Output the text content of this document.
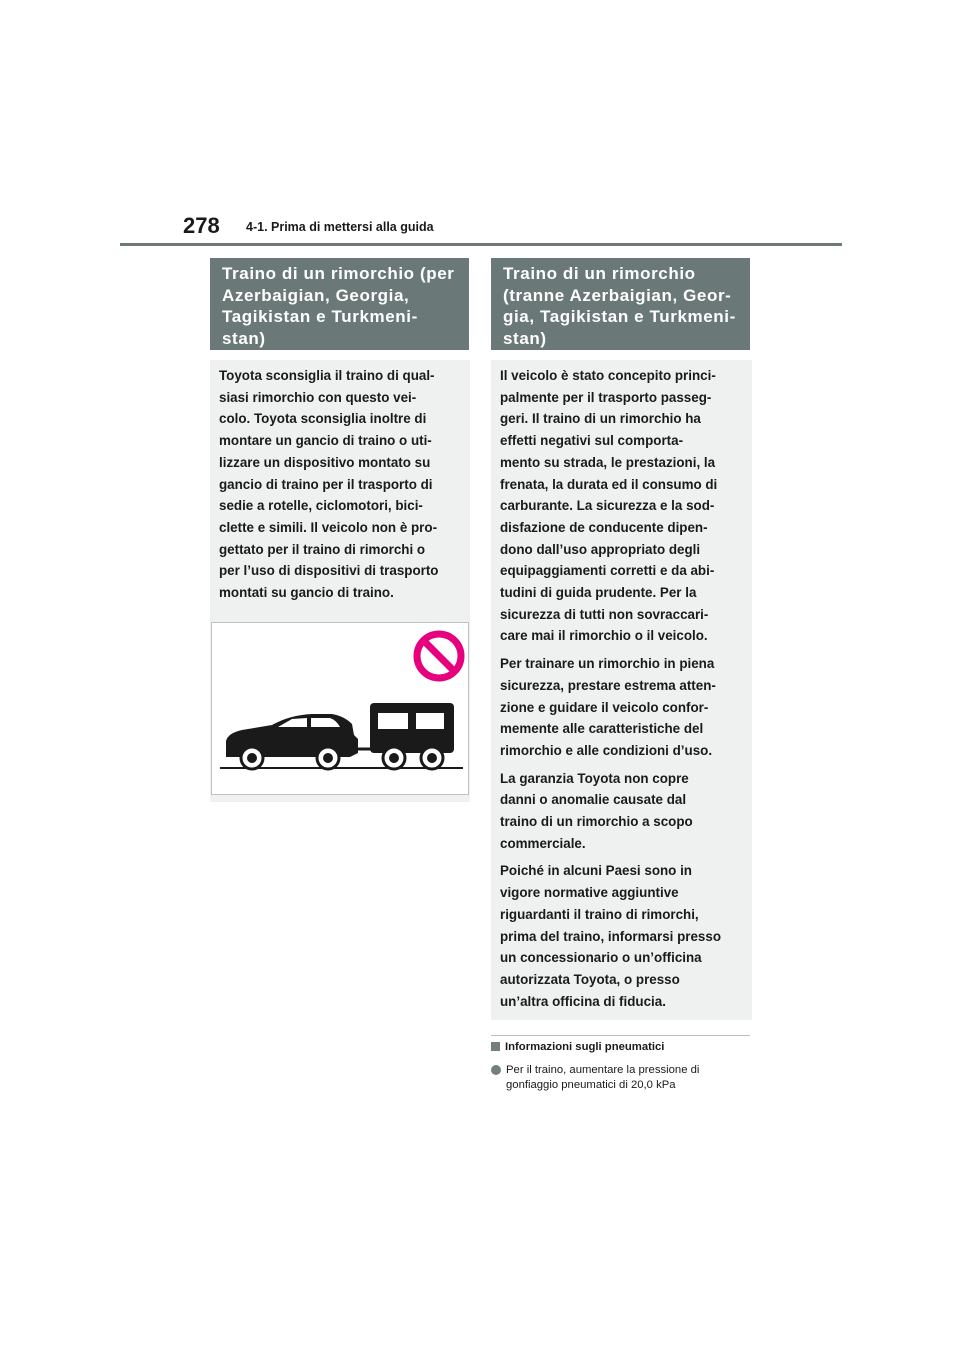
278 4-1. Prima di mettersi alla guida
Traino di un rimorchio (per Azerbaigian, Georgia, Tagikistan e Turkmeni-stan)

Toyota sconsiglia il traino di qual-
siasi rimorchio con questo vei-
colo. Toyota sconsiglia inoltre di
montare un gancio di traino o uti-
lizzare un dispositivo montato su
gancio di traino per il trasporto di
sedie a rotelle, ciclomotori, bici-
clette e simili. Il veicolo non è pro-
gettato per il traino di rimorchi o
per l’uso di dispositivi di trasporto
montati su gancio di traino.

Traino di un rimorchio (tranne Azerbaigian, Geor-gia, Tagikistan e Turkmeni-stan)

Il veicolo è stato concepito princi-
palmente per il trasporto passeg-
geri. Il traino di un rimorchio ha
effetti negativi sul comporta-
mento su strada, le prestazioni, la
frenata, la durata ed il consumo di
carburante. La sicurezza e la sod-
disfazione de conducente dipen-
dono dall’uso appropriato degli
equipaggiamenti corretti e da abi-
tudini di guida prudente. Per la
sicurezza di tutti non sovraccari-
care mai il rimorchio o il veicolo.

Per trainare un rimorchio in piena
sicurezza, prestare estrema atten-
zione e guidare il veicolo confor-
memente alle caratteristiche del
rimorchio e alle condizioni d’uso.

La garanzia Toyota non copre
danni o anomalie causate dal
traino di un rimorchio a scopo
commerciale.

Poiché in alcuni Paesi sono in
vigore normative aggiuntive
riguardanti il traino di rimorchi,
prima del traino, informarsi presso
un concessionario o un’officina
autorizzata Toyota, o presso
un’altra officina di fiducia.

Informazioni sugli pneumatici
Per il traino, aumentare la pressione di
gonfiaggio pneumatici di 20,0 kPa
